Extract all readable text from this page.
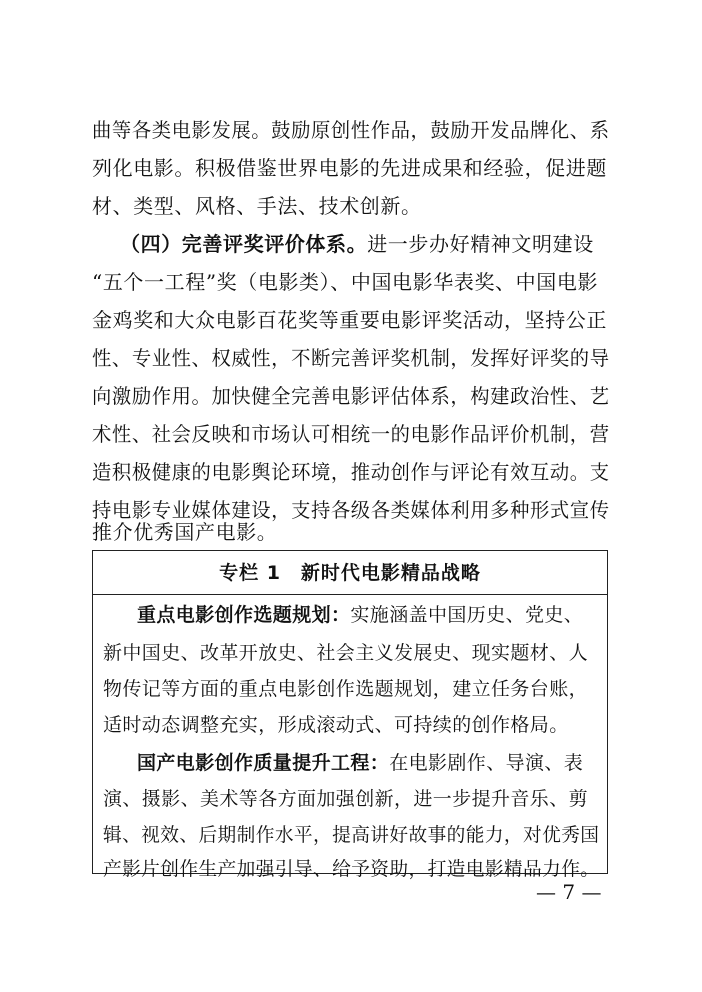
曲等各类电影发展。鼓励原创性作品，鼓励开发品牌化、系
列化电影。积极借鉴世界电影的先进成果和经验，促进题
材、类型、风格、手法、技术创新。
（四）完善评奖评价体系。进一步办好精神文明建设
“五个一工程”奖（电影类）、中国电影华表奖、中国电影
金鸡奖和大众电影百花奖等重要电影评奖活动，坚持公正
性、专业性、权威性，不断完善评奖机制，发挥好评奖的导
向激励作用。加快健全完善电影评估体系，构建政治性、艺
术性、社会反映和市场认可相统一的电影作品评价机制，营
造积极健康的电影舆论环境，推动创作与评论有效互动。支
持电影专业媒体建设，支持各级各类媒体利用多种形式宣传
推介优秀国产电影。
专栏 1　新时代电影精品战略
重点电影创作选题规划：实施涵盖中国历史、党史、
新中国史、改革开放史、社会主义发展史、现实题材、人
物传记等方面的重点电影创作选题规划，建立任务台账，
适时动态调整充实，形成滚动式、可持续的创作格局。
国产电影创作质量提升工程：在电影剧作、导演、表
演、摄影、美术等各方面加强创新，进一步提升音乐、剪
辑、视效、后期制作水平，提高讲好故事的能力，对优秀国
产影片创作生产加强引导、给予资助，打造电影精品力作。
— 7 —
